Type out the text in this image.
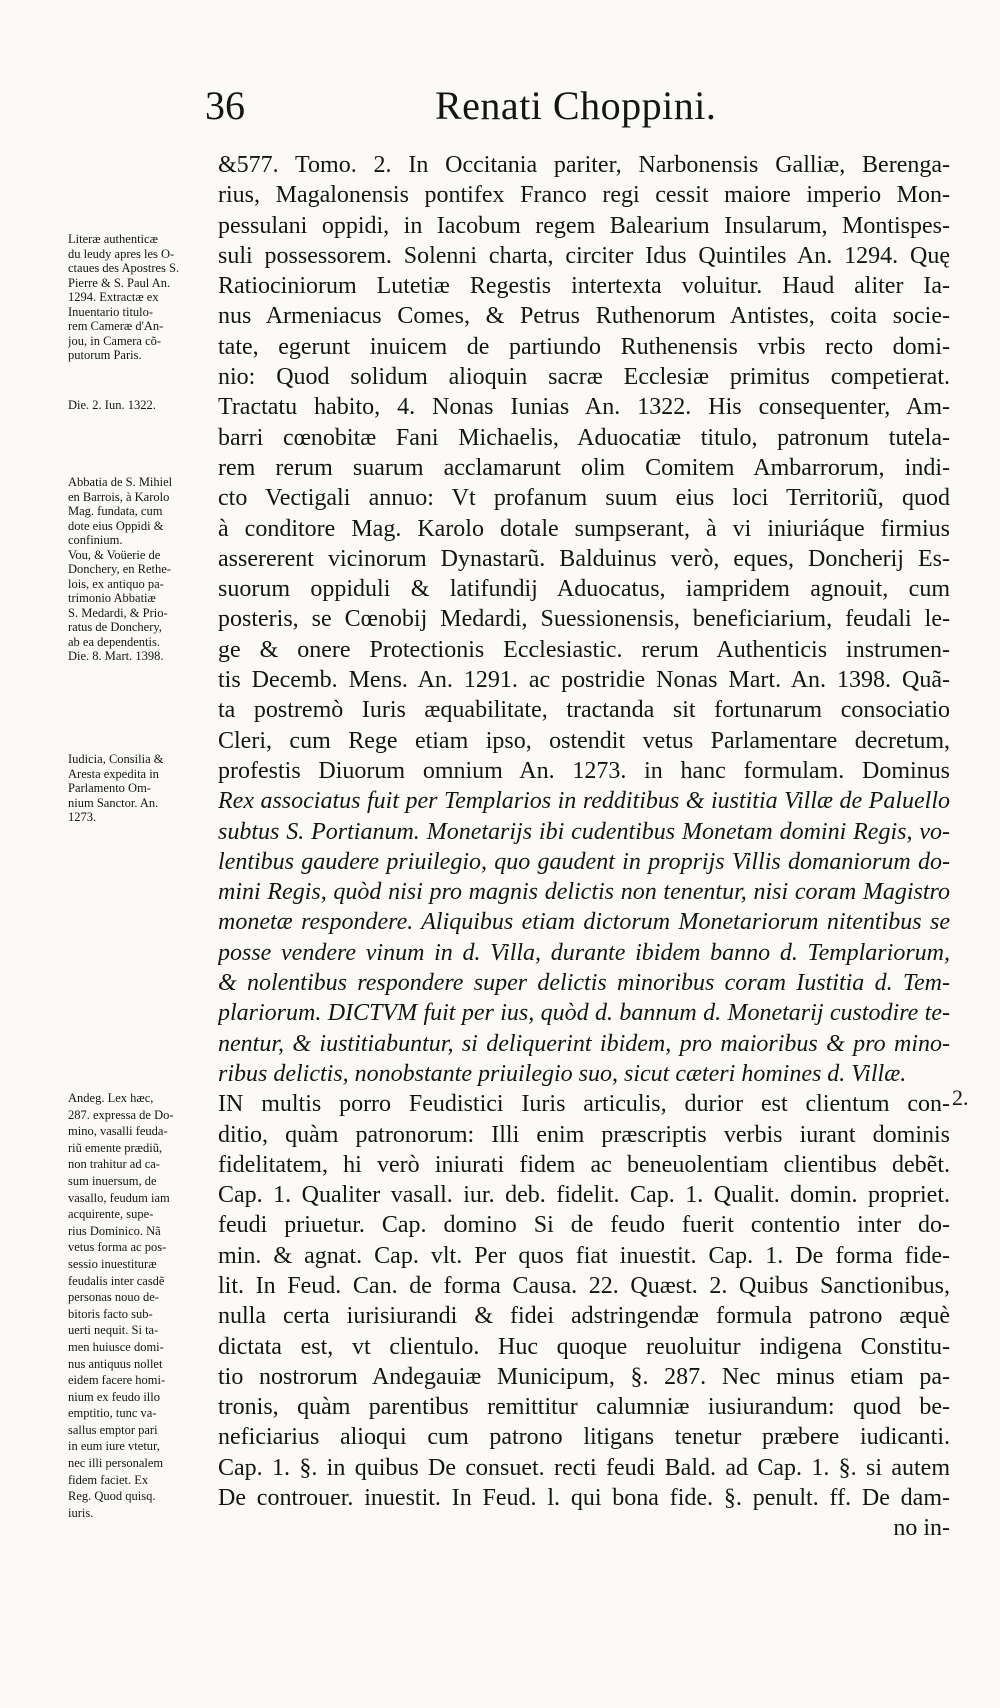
36	Renati Choppini.
&577. Tomo. 2. In Occitania pariter, Narbonensis Galliæ, Berenga-
rius, Magalonensis pontifex Franco regi cessit maiore imperio Mon-
pessulani oppidi, in Iacobum regem Balearium Insularum, Montispes-
suli possessorem. Solenni charta, circiter Idus Quintiles An. 1294. Quę
Ratiociniorum Lutetiæ Regestis intertexta voluitur. Haud aliter Ia-
nus Armeniacus Comes, & Petrus Ruthenorum Antistes, coita socie-
tate, egerunt inuicem de partiundo Ruthenensis vrbis recto domi-
nio: Quod solidum alioquin sacræ Ecclesiæ primitus competierat.
Tractatu habito, 4. Nonas Iunias An. 1322. His consequenter, Am-
barri cœnobitæ Fani Michaelis, Aduocatiæ titulo, patronum tutela-
rem rerum suarum acclamarunt olim Comitem Ambarrorum, indi-
cto Vectigali annuo: Vt profanum suum eius loci Territoriũ, quod
à conditore Mag. Karolo dotale sumpserant, à vi iniuriáque firmius
assererent vicinorum Dynastarũ. Balduinus verò, eques, Doncherij Es-
suorum oppiduli & latifundij Aduocatus, iampridem agnouit, cum
posteris, se Cœnobij Medardi, Suessionensis, beneficiarium, feudali le-
ge & onere Protectionis Ecclesiastic. rerum Authenticis instrumen-
tis Decemb. Mens. An. 1291. ac postridie Nonas Mart. An. 1398. Quã-
ta postremò Iuris æquabilitate, tractanda sit fortunarum consociatio
Cleri, cum Rege etiam ipso, ostendit vetus Parlamentare decretum,
profestis Diuorum omnium An. 1273. in hanc formulam. Dominus
Rex associatus fuit per Templarios in redditibus & iustitia Villæ de Paluello
subtus S. Portianum. Monetarijs ibi cudentibus Monetam domini Regis, vo-
lentibus gaudere priuilegio, quo gaudent in proprijs Villis domaniorum do-
mini Regis, quòd nisi pro magnis delictis non tenentur, nisi coram Magistro
monetæ respondere. Aliquibus etiam dictorum Monetariorum nitentibus se
posse vendere vinum in d. Villa, durante ibidem banno d. Templariorum,
& nolentibus respondere super delictis minoribus coram Iustitia d. Tem-
plariorum. DICTVM fuit per ius, quòd d. bannum d. Monetarij custodire te-
nentur, & iustitiabuntur, si deliquerint ibidem, pro maioribus & pro mino-
ribus delictis, nonobstante priuilegio suo, sicut cæteri homines d. Villæ.
IN multis porro Feudistici Iuris articulis, durior est clientum con-
ditio, quàm patronorum: Illi enim præscriptis verbis iurant dominis
fidelitatem, hi verò iniurati fidem ac beneuolentiam clientibus debẽt.
Cap. 1. Qualiter vasall. iur. deb. fidelit. Cap. 1. Qualit. domin. propriet.
feudi priuetur. Cap. domino Si de feudo fuerit contentio inter do-
min. & agnat. Cap. vlt. Per quos fiat inuestit. Cap. 1. De forma fide-
lit. In Feud. Can. de forma Causa. 22. Quæst. 2. Quibus Sanctionibus,
nulla certa iurisiurandi & fidei adstringendæ formula patrono æquè
dictata est, vt clientulo. Huc quoque reuoluitur indigena Constitu-
tio nostrorum Andegauiæ Municipum, §. 287. Nec minus etiam pa-
tronis, quàm parentibus remittitur calumniæ iusiurandum: quod be-
neficiarius alioqui cum patrono litigans tenetur præbere iudicanti.
Cap. 1. §. in quibus De consuet. recti feudi Bald. ad Cap. 1. §. si autem
De controuer. inuestit. In Feud. l. qui bona fide. §. penult. ff. De dam-
no in-
Literæ authenticæ
du leudy apres les O-
ctaues des Apostres S.
Pierre & S. Paul An.
1294. Extractæ ex
Inuentario titulo-
rem Cameræ d'An-
jou, in Camera cõ-
putorum Paris.
Die. 2. Iun. 1322.
Abbatia de S. Mihiel
en Barrois, à Karolo
Mag. fundata, cum
dote eius Oppidi &
confinium.
Vou, & Voüerie de
Donchery, en Rethe-
lois, ex antiquo pa-
trimonio Abbatiæ
S. Medardi, & Prio-
ratus de Donchery,
ab ea dependentis.
Die. 8. Mart. 1398.
Iudicia, Consilia &
Aresta expedita in
Parlamento Om-
nium Sanctor. An.
1273.
Andeg. Lex hæc,
287. expressa de Do-
mino, vasalli feuda-
riũ emente prædiũ,
non trahitur ad ca-
sum inuersum, de
vasallo, feudum iam
acquirente, supe-
rius Dominico. Nã
vetus forma ac pos-
sessio inuestituræ
feudalis inter casdẽ
personas nouo de-
bitoris facto sub-
uerti nequit. Si ta-
men huiusce domi-
nus antiquus nollet
eidem facere homi-
nium ex feudo illo
emptitio, tunc va-
sallus emptor pari
in eum iure vtetur,
nec illi personalem
fidem faciet. Ex
Reg. Quod quisq.
iuris.
2.
